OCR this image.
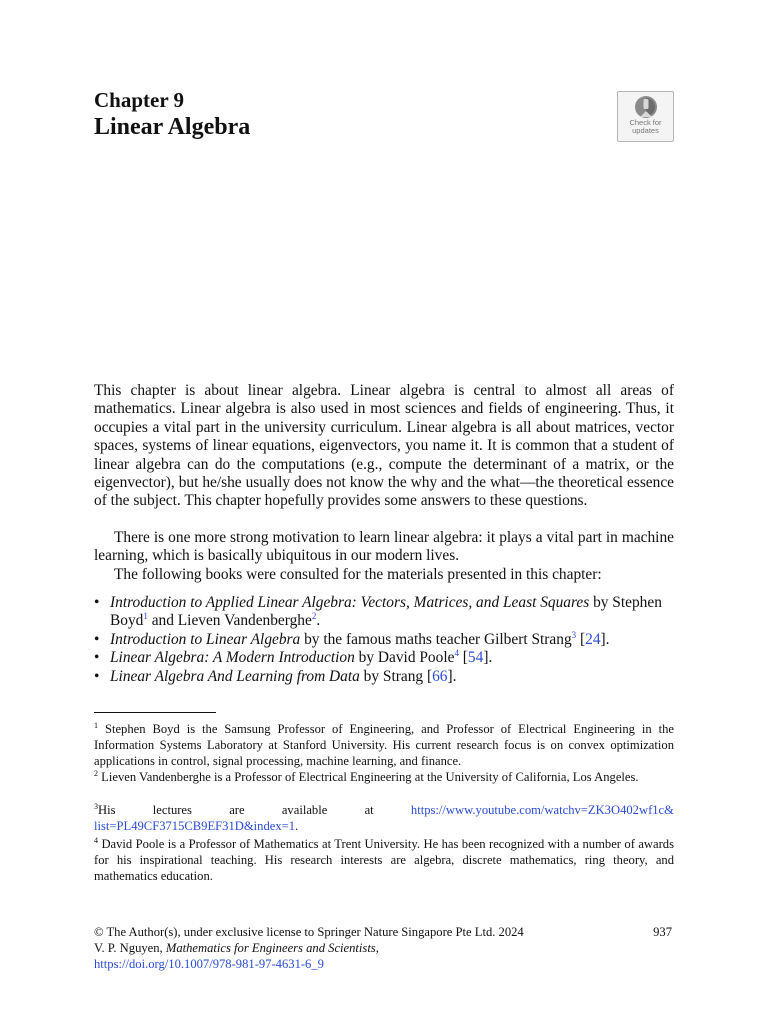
Chapter 9
Linear Algebra	Check for
updates

This chapter is about linear algebra. Linear algebra is central to almost all areas of mathematics. Linear algebra is also used in most sciences and fields of engineering. Thus, it occupies a vital part in the university curriculum. Linear algebra is all about matrices, vector spaces, systems of linear equations, eigenvectors, you name it. It is common that a student of linear algebra can do the computations (e.g., compute the determinant of a matrix, or the eigenvector), but he/she usually does not know the why and the what—the theoretical essence of the subject. This chapter hopefully provides some answers to these questions.

There is one more strong motivation to learn linear algebra: it plays a vital part in machine learning, which is basically ubiquitous in our modern lives.

The following books were consulted for the materials presented in this chapter:

• Introduction to Applied Linear Algebra: Vectors, Matrices, and Least Squares by Stephen Boyd$^1$ and Lieven Vandenberghe$^2$.
• Introduction to Linear Algebra by the famous maths teacher Gilbert Strang$^3$ [24].
• Linear Algebra: A Modern Introduction by David Poole$^4$ [54].
• Linear Algebra And Learning from Data by Strang [66].

$^1$ Stephen Boyd is the Samsung Professor of Engineering, and Professor of Electrical Engineering in the Information Systems Laboratory at Stanford University. His current research focus is on convex optimization applications in control, signal processing, machine learning, and finance.

$^2$ Lieven Vandenberghe is a Professor of Electrical Engineering at the University of California, Los Angeles.

$^3$His	lectures	are	available	at	https://www.youtube.com/watchv=ZK3O402wf1c&
list=PL49CF3715CB9EF31D&index=1.

$^4$ David Poole is a Professor of Mathematics at Trent University. He has been recognized with a number of awards for his inspirational teaching. His research interests are algebra, discrete mathematics, ring theory, and mathematics education.

© The Author(s), under exclusive license to Springer Nature Singapore Pte Ltd. 2024	937
V. P. Nguyen, Mathematics for Engineers and Scientists,
https://doi.org/10.1007/978-981-97-4631-6_9
